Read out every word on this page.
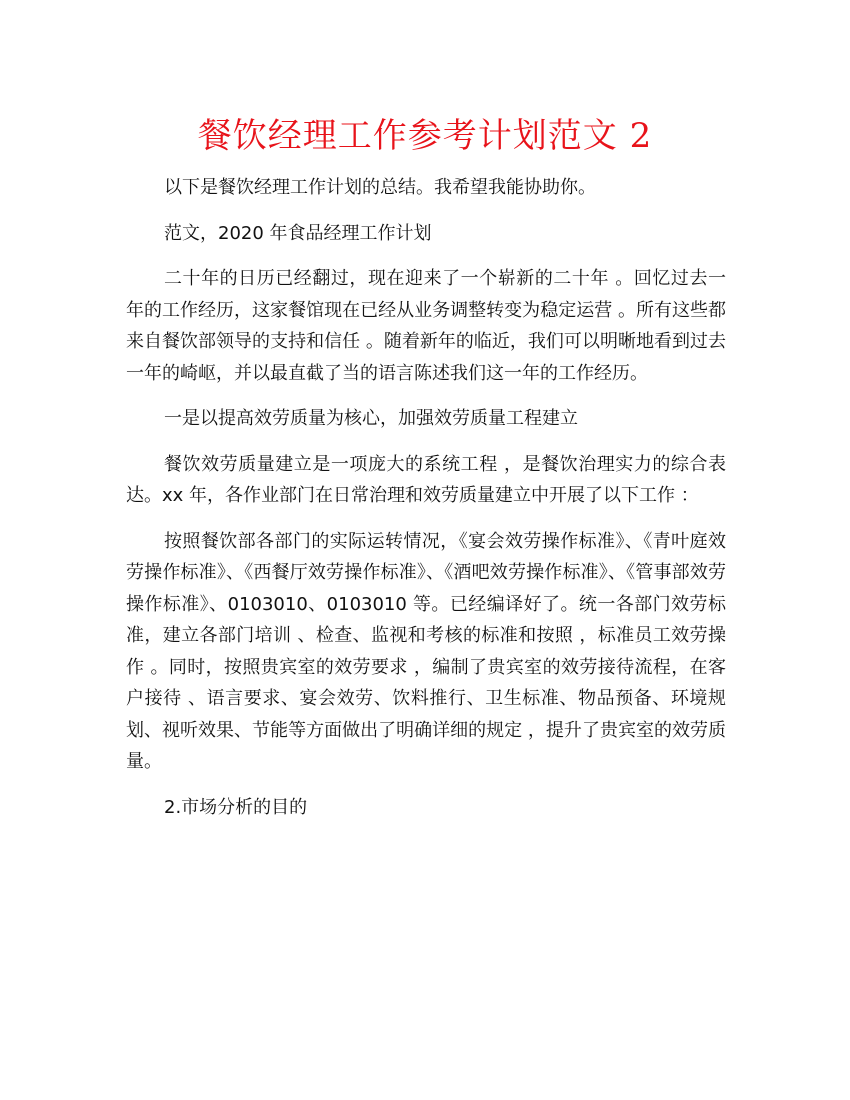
餐饮经理工作参考计划范文 2

以下是餐饮经理工作计划的总结。我希望我能协助你。

范文，2020 年食品经理工作计划

二十年的日历已经翻过，现在迎来了一个崭新的二十年 。回忆过去一年的工作经历，这家餐馆现在已经从业务调整转变为稳定运营 。所有这些都来自餐饮部领导的支持和信任 。随着新年的临近，我们可以明晰地看到过去一年的崎岖，并以最直截了当的语言陈述我们这一年的工作经历。

一是以提高效劳质量为核心，加强效劳质量工程建立

餐饮效劳质量建立是一项庞大的系统工程 ，是餐饮治理实力的综合表达。xx 年，各作业部门在日常治理和效劳质量建立中开展了以下工作 ：

按照餐饮部各部门的实际运转情况，《宴会效劳操作标准》、《青叶庭效劳操作标准》、《西餐厅效劳操作标准》、《酒吧效劳操作标准》、《管事部效劳操作标准》、0103010、0103010 等。已经编译好了。统一各部门效劳标准，建立各部门培训 、检查、监视和考核的标准和按照 ，标准员工效劳操作 。同时，按照贵宾室的效劳要求 ，编制了贵宾室的效劳接待流程，在客户接待 、语言要求、宴会效劳、饮料推行、卫生标准、物品预备、环境规划、视听效果、节能等方面做出了明确详细的规定 ，提升了贵宾室的效劳质量。

2.市场分析的目的
